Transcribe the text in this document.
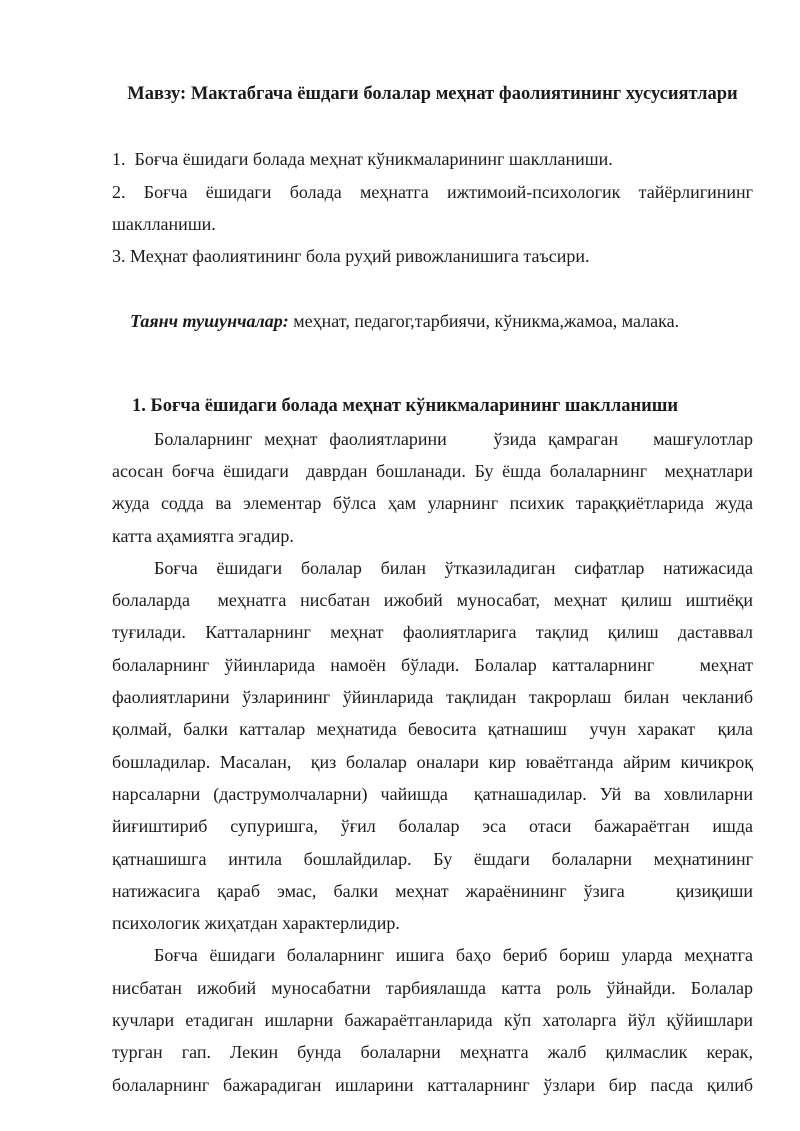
Мавзу: Мактабгача ёшдаги болалар меҳнат фаолиятининг хусусиятлари
1.  Боғча ёшидаги болада меҳнат кўникмаларининг шаклланиши.
2. Боғча ёшидаги болада меҳнатга ижтимоий-психологик тайёрлигининг
шаклланиши.
3. Меҳнат фаолиятининг бола руҳий ривожланишига таъсири.

Таянч тушунчалар: меҳнат, педагог,тарбиячи, кўникма,жамоа, малака.

1. Боғча ёшидаги болада меҳнат кўникмаларининг шаклланиши
Болаларнинг меҳнат фаолиятларини    ўзида қамраган   машғулотлар
асосан боғча ёшидаги  даврдан бошланади. Бу ёшда болаларнинг  меҳнатлари
жуда содда ва элементар бўлса ҳам уларнинг психик тараққиётларида жуда
катта аҳамиятга эгадир.
Боғча ёшидаги болалар билан ўтказиладиган сифатлар натижасида
болаларда  меҳнатга нисбатан ижобий муносабат, меҳнат қилиш иштиёқи
туғилади. Катталарнинг меҳнат фаолиятларига тақлид қилиш даставвал
болаларнинг ўйинларида намоён бўлади. Болалар катталарнинг   меҳнат
фаолиятларини ўзларининг ўйинларида тақлидан такрорлаш билан чекланиб
қолмай, балки катталар меҳнатида бевосита қатнашиш  учун харакат  қила
бошладилар. Масалан,  қиз болалар оналари кир юваётганда айрим кичикроқ
нарсаларни (даструмолчаларни) чайишда  қатнашадилар. Уй ва ховлиларни
йиғиштириб супуришга, ўғил болалар эса отаси бажараётган ишда
қатнашишга интила бошлайдилар. Бу ёшдаги болаларни меҳнатининг
натижасига қараб эмас, балки меҳнат жараёнининг ўзига   қизиқиши
психологик жиҳатдан характерлидир.
Боғча ёшидаги болаларнинг ишига баҳо бериб бориш уларда меҳнатга
нисбатан ижобий муносабатни тарбиялашда катта роль ўйнайди. Болалар
кучлари етадиган ишларни бажараётганларида кўп хатоларга йўл қўйишлари
турган гап. Лекин бунда болаларни меҳнатга жалб қилмаслик керак,
болаларнинг бажарадиган ишларини катталарнинг ўзлари бир пасда қилиб
